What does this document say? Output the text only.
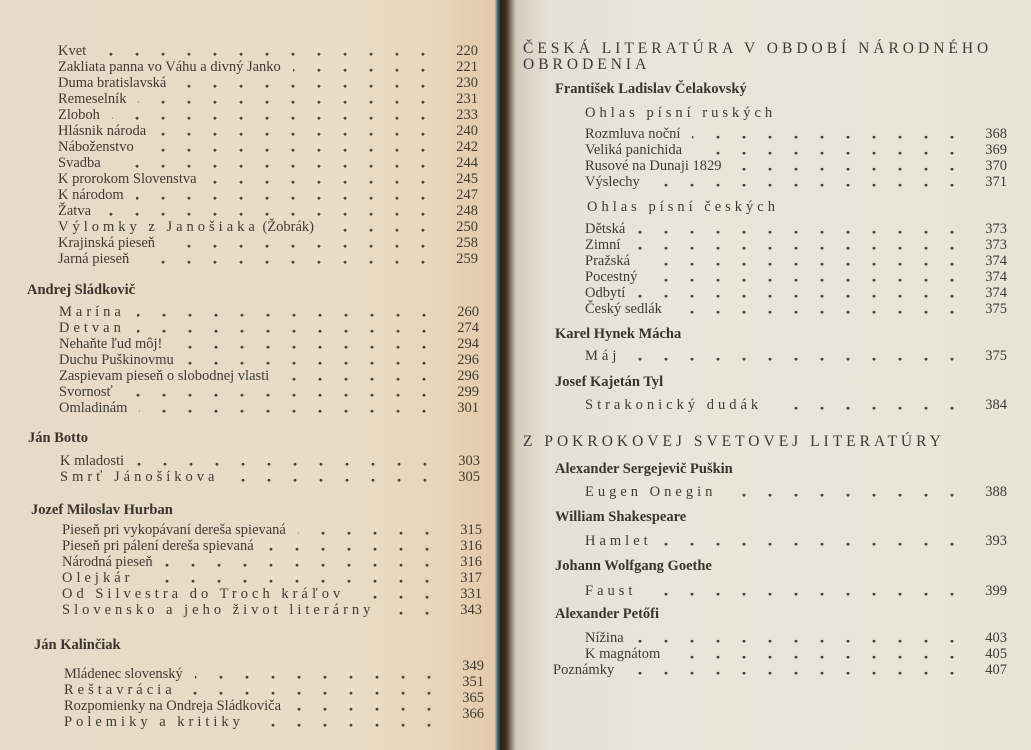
Kvet	220
Zakliata panna vo Váhu a divný Janko	221
Duma bratislavská	230
Remeselník	231
Zloboh	233
Hlásnik národa	240
Náboženstvo	242
Svadba	244
K prorokom Slovenstva	245
K národom	247
Žatva	248
Výlomky z Janošiaka (Žobrák)	250
Krajinská pieseň	258
Jarná pieseň	259
Andrej Sládkovič
Marína	260
Detvan	274
Nehaňte ľud môj!	294
Duchu Puškinovmu	296
Zaspievam pieseň o slobodnej vlasti	296
Svornosť	299
Omladinám	301
Ján Botto
K mladosti	303
Smrť Jánošíkova	305
Jozef Miloslav Hurban
Pieseň pri vykopávaní dereša spievaná	315
Pieseň pri pálení dereša spievaná	316
Národná pieseň	316
Olejkár	317
Od Silvestra do Troch kráľov	331
Slovensko a jeho život literárny	343
Ján Kalinčiak
Mládenec slovenský	349
Reštavrácia	351
Rozpomienky na Ondreja Sládkoviča	365
Polemiky a kritiky	366
ČESKÁ LITERATÚRA V OBDOBÍ NÁRODNÉHO
OBRODENIA
František Ladislav Čelakovský
Ohlas písní ruských
Rozmluva noční	368
Veliká panichida	369
Rusové na Dunaji 1829	370
Výslechy	371
Ohlas písní českých
Dětská	373
Zimní	373
Pražská	374
Pocestný	374
Odbytí	374
Český sedlák	375
Karel Hynek Mácha
Máj	375
Josef Kajetán Tyl
Strakonický dudák	384
Z POKROKOVEJ SVETOVEJ LITERATÚRY
Alexander Sergejevič Puškin
Eugen Onegin	388
William Shakespeare
Hamlet	393
Johann Wolfgang Goethe
Faust	399
Alexander Petőfi
Nížina	403
K magnátom	405
Poznámky	407
